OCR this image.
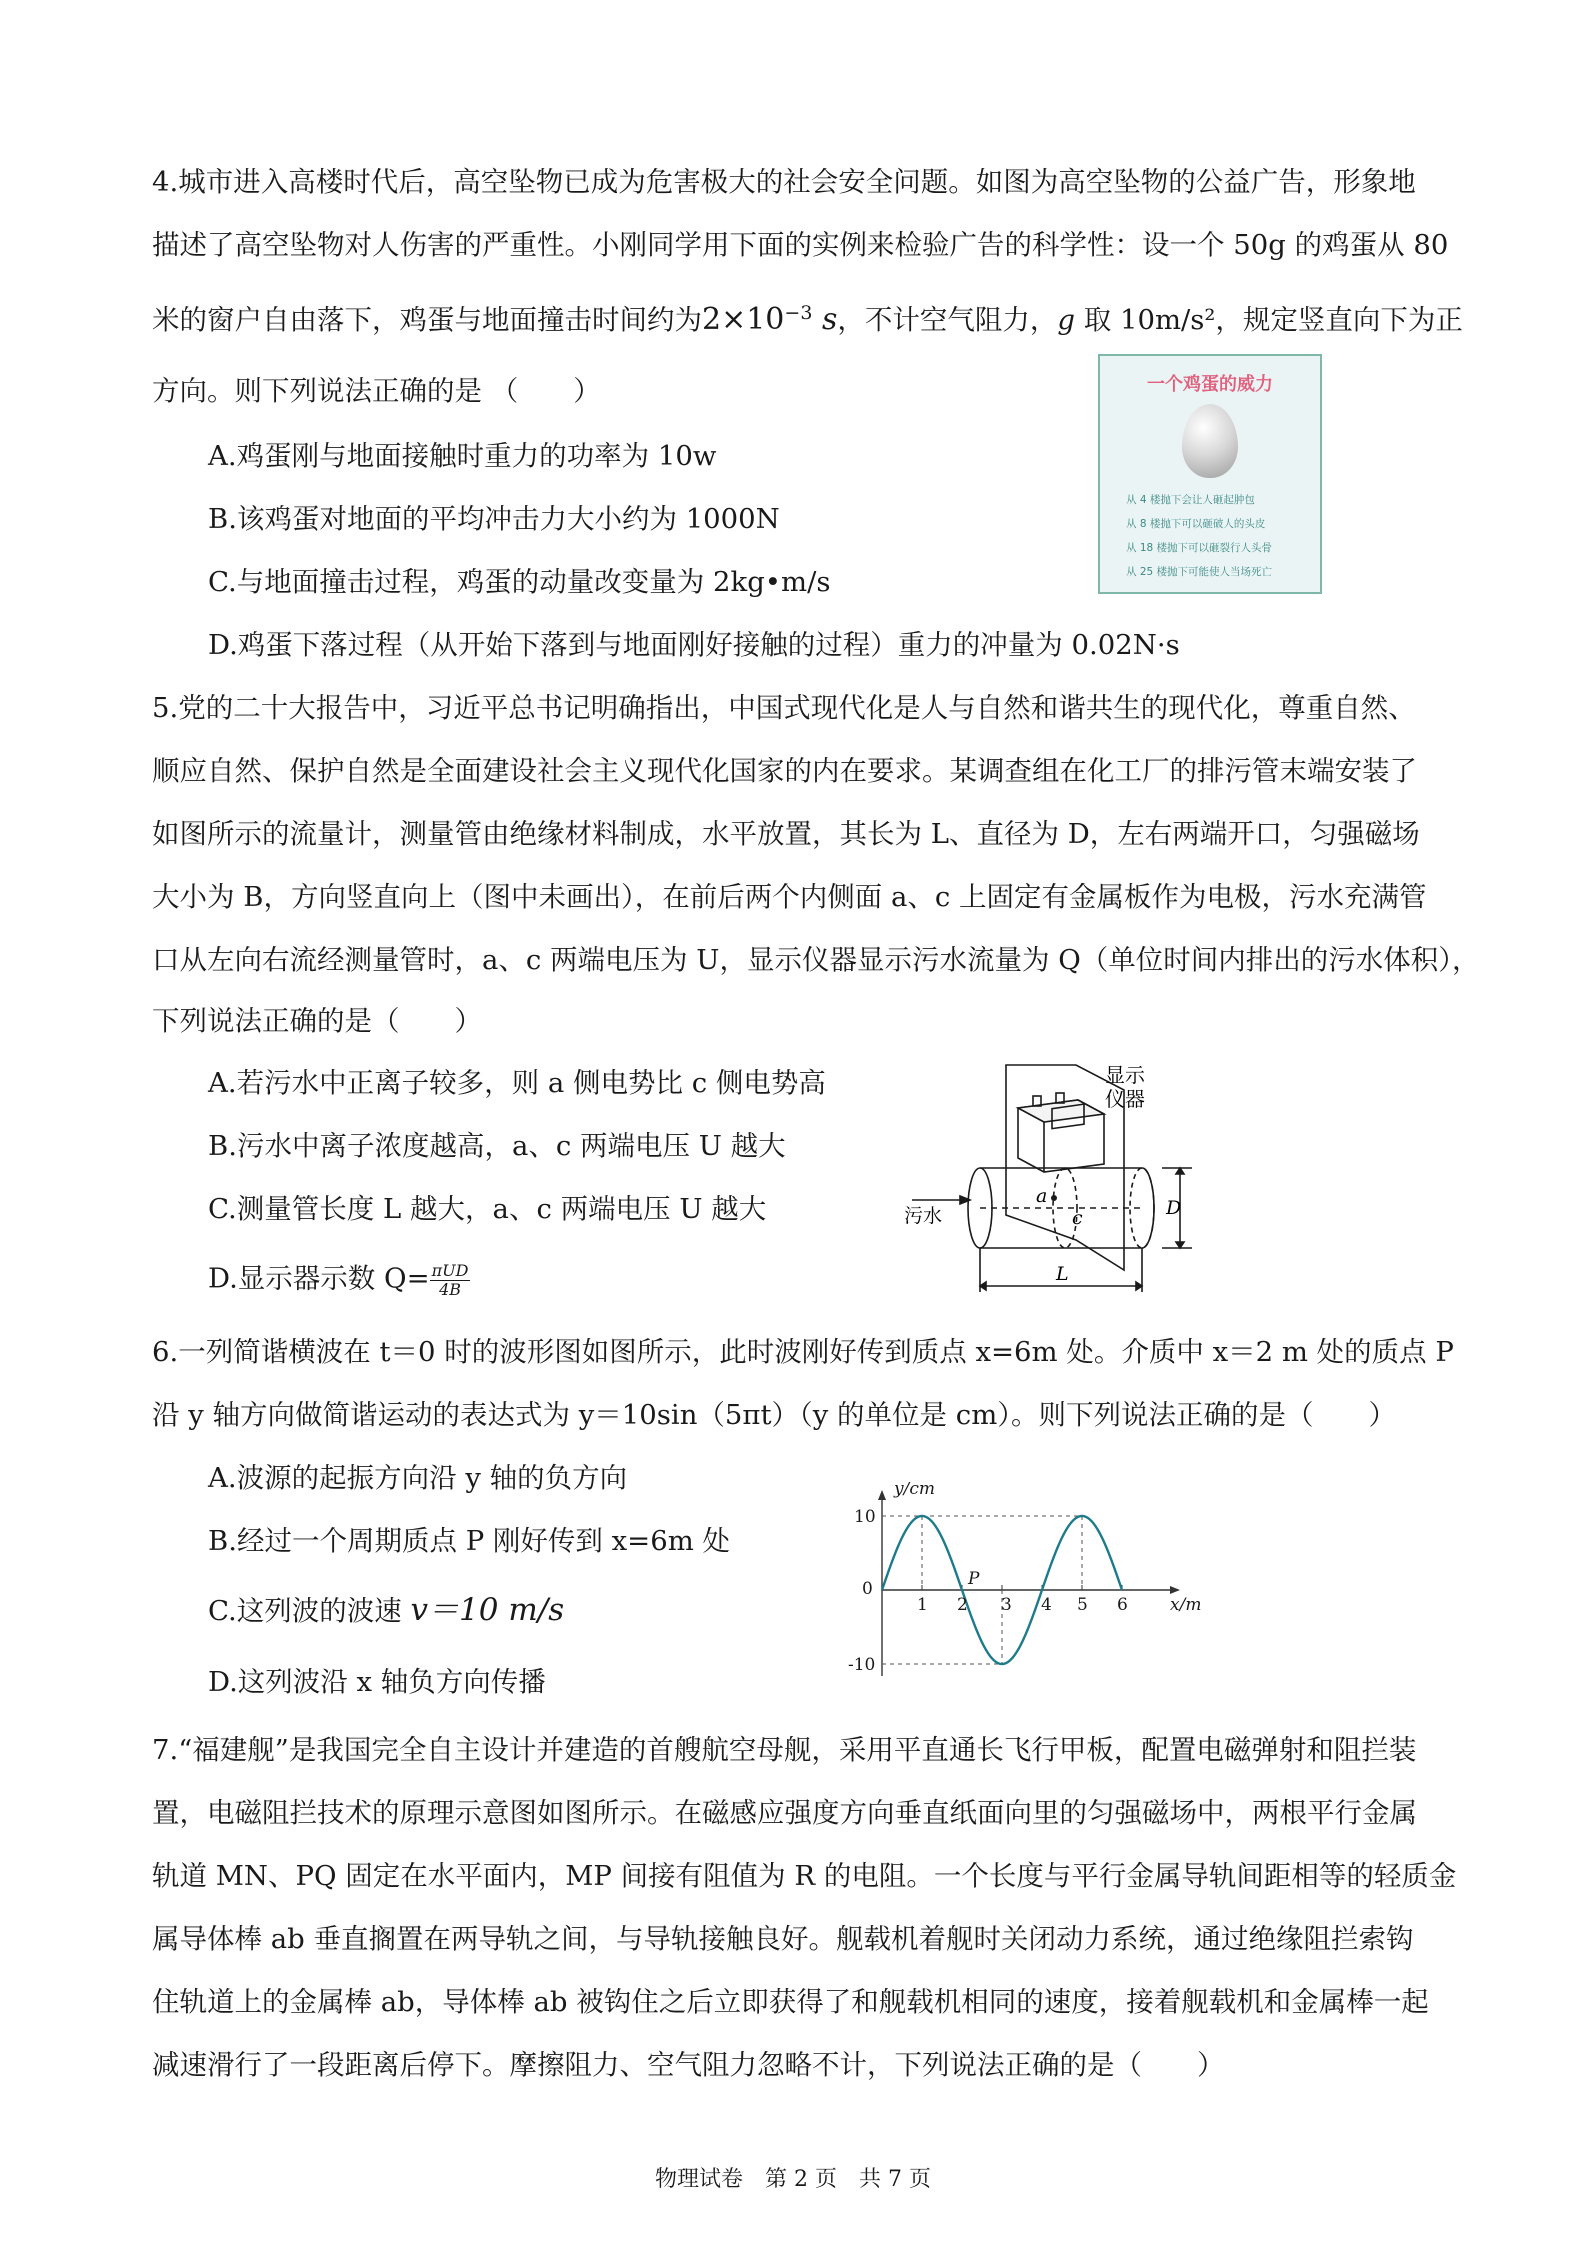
4.城市进入高楼时代后，高空坠物已成为危害极大的社会安全问题。如图为高空坠物的公益广告，形象地
描述了高空坠物对人伤害的严重性。小刚同学用下面的实例来检验广告的科学性：设一个 50g 的鸡蛋从 80
米的窗户自由落下，鸡蛋与地面撞击时间约为$2\times 10^{-3}$ s，不计空气阻力，g 取 10m/s²，规定竖直向下为正
方向。则下列说法正确的是 （　　）
A.鸡蛋刚与地面接触时重力的功率为 10w
B.该鸡蛋对地面的平均冲击力大小约为 1000N
C.与地面撞击过程，鸡蛋的动量改变量为 2kg•m/s
D.鸡蛋下落过程（从开始下落到与地面刚好接触的过程）重力的冲量为 0.02N·s
一个鸡蛋的威力
从 4 楼抛下会让人砸起肿包
从 8 楼抛下可以砸破人的头皮
从 18 楼抛下可以砸裂行人头骨
从 25 楼抛下可能使人当场死亡
5.党的二十大报告中，习近平总书记明确指出，中国式现代化是人与自然和谐共生的现代化，尊重自然、
顺应自然、保护自然是全面建设社会主义现代化国家的内在要求。某调查组在化工厂的排污管末端安装了
如图所示的流量计，测量管由绝缘材料制成，水平放置，其长为 L、直径为 D，左右两端开口，匀强磁场
大小为 B，方向竖直向上（图中未画出），在前后两个内侧面 a、c 上固定有金属板作为电极，污水充满管
口从左向右流经测量管时，a、c 两端电压为 U，显示仪器显示污水流量为 Q（单位时间内排出的污水体积），
下列说法正确的是（　　）
A.若污水中正离子较多，则 a 侧电势比 c 侧电势高
B.污水中离子浓度越高，a、c 两端电压 U 越大
C.测量管长度 L 越大，a、c 两端电压 U 越大
D.显示器示数 $Q= \frac{\text{πUD}}{4B}$
显示
仪器
污水
a
c	D
L
6.一列简谐横波在 t＝0 时的波形图如图所示，此时波刚好传到质点 x=6m 处。介质中 x＝2 m 处的质点 P
沿 y 轴方向做简谐运动的表达式为 y＝10sin（5πt）（y 的单位是 cm）。则下列说法正确的是（　　）
A.波源的起振方向沿 y 轴的负方向
B.经过一个周期质点 P 刚好传到 x=6m 处
C.这列波的波速 v＝10 m/s
D.这列波沿 x 轴负方向传播
1 2 3 4 5 6
10
0
-10
x/m
y/cm
P
7.“福建舰”是我国完全自主设计并建造的首艘航空母舰，采用平直通长飞行甲板，配置电磁弹射和阻拦装
置，电磁阻拦技术的原理示意图如图所示。在磁感应强度方向垂直纸面向里的匀强磁场中，两根平行金属
轨道 MN、PQ 固定在水平面内，MP 间接有阻值为 R 的电阻。一个长度与平行金属导轨间距相等的轻质金
属导体棒 ab 垂直搁置在两导轨之间，与导轨接触良好。舰载机着舰时关闭动力系统，通过绝缘阻拦索钩
住轨道上的金属棒 ab，导体棒 ab 被钩住之后立即获得了和舰载机相同的速度，接着舰载机和金属棒一起
减速滑行了一段距离后停下。摩擦阻力、空气阻力忽略不计，下列说法正确的是（　　）
物理试卷　第 2 页　共 7 页
